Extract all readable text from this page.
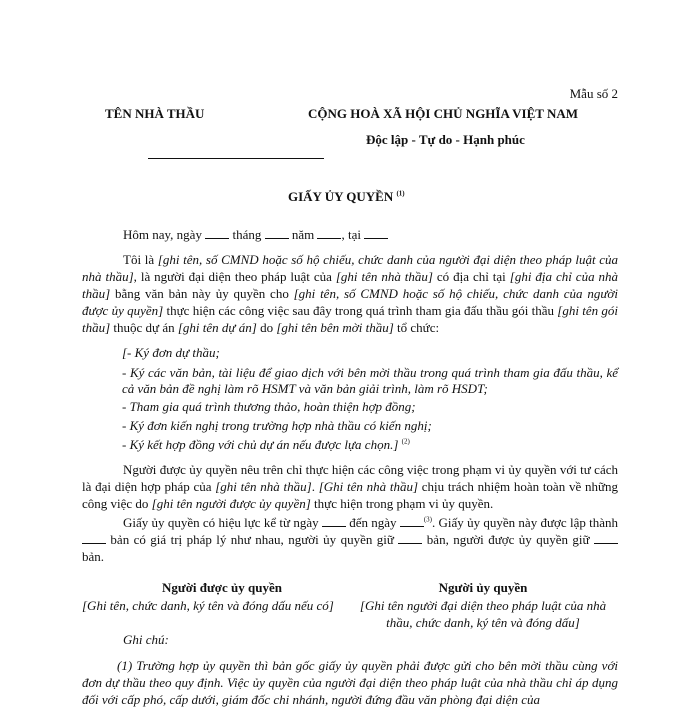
Mẫu số 2
TÊN NHÀ THẦU	CỘNG HOÀ XÃ HỘI CHỦ NGHĨA VIỆT NAM
Độc lập - Tự do - Hạnh phúc
GIẤY ỦY QUYỀN $^{(1)}$
Hôm nay, ngày tháng năm , tại
Tôi là [ghi tên, số CMND hoặc số hộ chiếu, chức danh của người đại diện theo pháp luật của nhà thầu], là người đại diện theo pháp luật của [ghi tên nhà thầu] có địa chỉ tại [ghi địa chỉ của nhà thầu] bằng văn bản này ủy quyền cho [ghi tên, số CMND hoặc số hộ chiếu, chức danh của người được ủy quyền] thực hiện các công việc sau đây trong quá trình tham gia đấu thầu gói thầu [ghi tên gói thầu] thuộc dự án [ghi tên dự án] do [ghi tên bên mời thầu] tổ chức:
[- Ký đơn dự thầu;
- Ký các văn bản, tài liệu để giao dịch với bên mời thầu trong quá trình tham gia đấu thầu, kể cả văn bản đề nghị làm rõ HSMT và văn bản giải trình, làm rõ HSDT;
- Tham gia quá trình thương thảo, hoàn thiện hợp đồng;
- Ký đơn kiến nghị trong trường hợp nhà thầu có kiến nghị;
- Ký kết hợp đồng với chủ dự án nếu được lựa chọn.] $^{(2)}$
Người được ủy quyền nêu trên chỉ thực hiện các công việc trong phạm vi ủy quyền với tư cách là đại diện hợp pháp của [ghi tên nhà thầu]. [Ghi tên nhà thầu] chịu trách nhiệm hoàn toàn về những công việc do [ghi tên người được ủy quyền] thực hiện trong phạm vi ủy quyền.
Giấy ủy quyền có hiệu lực kể từ ngày đến ngày	$^{(3)}$. Giấy ủy quyền này được lập thành  bản có giá trị pháp lý như nhau, người ủy quyền giữ	bản, người được ủy quyền giữ  bản.
Người được ủy quyền
[Ghi tên, chức danh, ký tên và đóng dấu nếu có]
Người ủy quyền
[Ghi tên người đại diện theo pháp luật của nhà thầu, chức danh, ký tên và đóng dấu]
Ghi chú:
(1) Trường hợp ủy quyền thì bản gốc giấy ủy quyền phải được gửi cho bên mời thầu cùng với đơn dự thầu theo quy định. Việc ủy quyền của người đại diện theo pháp luật của nhà thầu chỉ áp dụng đối với cấp phó, cấp dưới, giám đốc chi nhánh, người đứng đầu văn phòng đại diện của
